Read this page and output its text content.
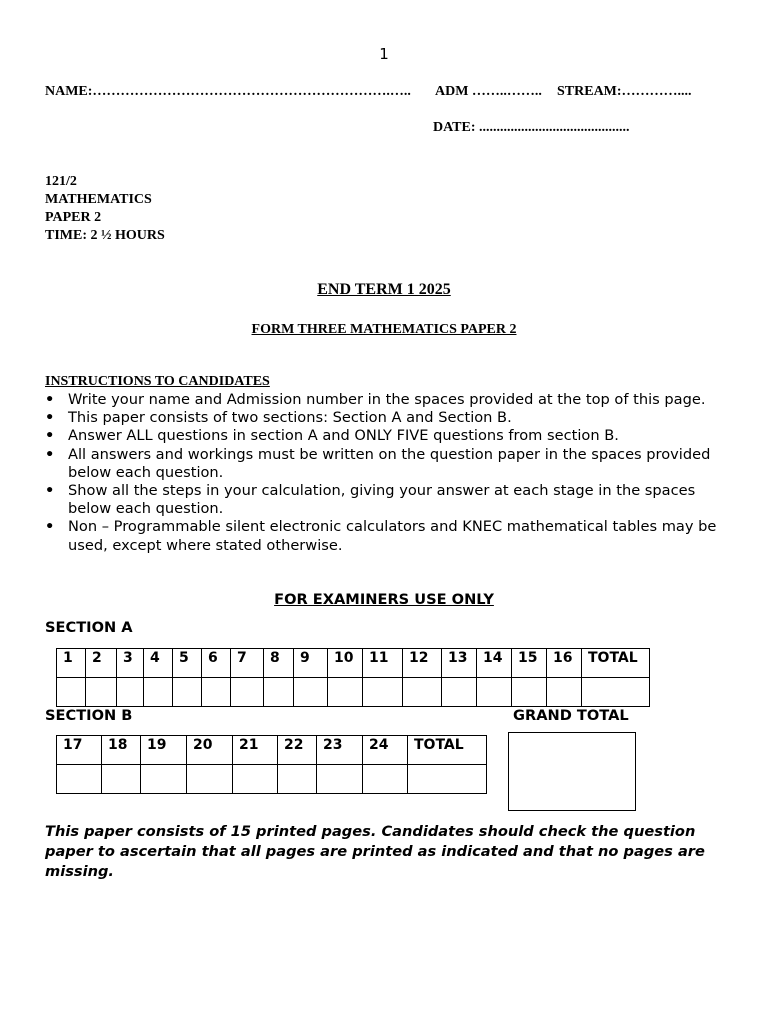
1
NAME:……………………………………………………….….. ADM ……..…….. STREAM:…………....
DATE: ...........................................
121/2
MATHEMATICS
PAPER 2
TIME: 2 ½ HOURS
END TERM 1 2025
FORM THREE MATHEMATICS PAPER 2
INSTRUCTIONS TO CANDIDATES
• Write your name and Admission number in the spaces provided at the top of this page.
• This paper consists of two sections: Section A and Section B.
• Answer ALL questions in section A and ONLY FIVE questions from section B.
• All answers and workings must be written on the question paper in the spaces provided below each question.
• Show all the steps in your calculation, giving your answer at each stage in the spaces below each question.
• Non – Programmable silent electronic calculators and KNEC mathematical tables may be used, except where stated otherwise.
FOR EXAMINERS USE ONLY
SECTION A
1	2	3	4	5	6	7	8	9	10	11	12	13	14	15	16	TOTAL

SECTION B	GRAND TOTAL
17	18	19	20	21	22	23	24	TOTAL

This paper consists of 15 printed pages. Candidates should check the question paper to ascertain that all pages are printed as indicated and that no pages are missing.
